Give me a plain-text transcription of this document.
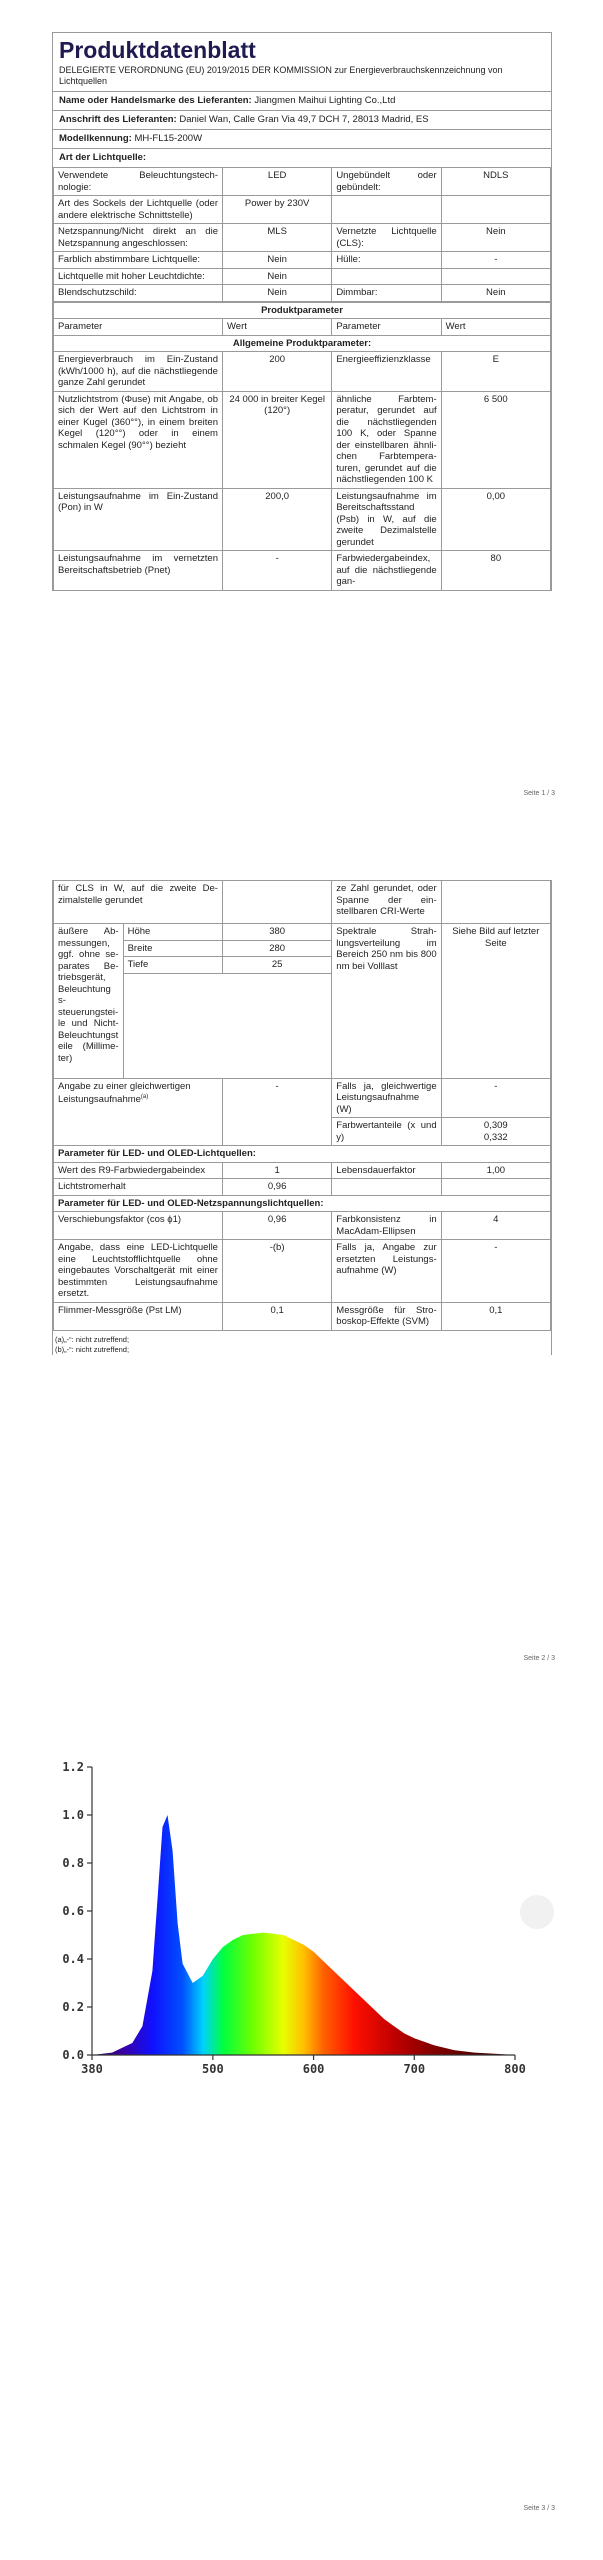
Produktdatenblatt
DELEGIERTE VERORDNUNG (EU) 2019/2015 DER KOMMISSION zur Energieverbrauchskennzeichnung von Lichtquellen
Name oder Handelsmarke des Lieferanten: Jiangmen Maihui Lighting Co.,Ltd
Anschrift des Lieferanten: Daniel Wan, Calle Gran Via 49,7 DCH 7, 28013 Madrid, ES
Modellkennung: MH-FL15-200W
Art der Lichtquelle:
Verwendete Beleuchtungstechnologie:	LED	Ungebündelt oder gebündelt:	NDLS
Art des Sockels der Lichtquelle (oder andere elektrische Schnittstelle)	Power by 230V		
Netzspannung/Nicht direkt an die Netzspannung angeschlossen:	MLS	Vernetzte Lichtquelle (CLS):	Nein
Farblich abstimmbare Lichtquelle:	Nein	Hülle:	-
Lichtquelle mit hoher Leuchtdichte:	Nein		
Blendschutzschild:	Nein	Dimmbar:	Nein
Produktparameter			
Parameter	Wert	Parameter	Wert
Allgemeine Produktparameter:			
Energieverbrauch im Ein-Zustand (kWh/1000 h), auf die nächstliegende ganze Zahl gerundet	200	Energieeffizienzklasse	E
Nutzlichtstrom (Φuse) mit Angabe, ob sich der Wert auf den Lichtstrom in einer Kugel (360°°), in einem breiten Kegel (120°°) oder in einem schmalen Kegel (90°°) bezieht	24 000 in breiter Kegel (120°)	ähnliche Farbtemperatur, gerundet auf die nächstliegenden 100 K, oder Spanne der einstellbaren ähnlichen Farbtemperaturen, gerundet auf die nächstliegenden 100 K	6 500
Leistungsaufnahme im Ein-Zustand (Pon) in W	200,0	Leistungsaufnahme im Bereitschaftsstand (Psb) in W, auf die zweite Dezimalstelle gerundet	0,00
Leistungsaufnahme im vernetzten Bereitschaftsbetrieb (Pnet)	-	Farbwiedergabeindex, auf die nächstliegende gan-	80
Seite 1 / 3
für CLS in W, auf die zweite Dezimalstelle gerundet			ze Zahl gerundet, oder Spanne der einstellbaren CRI-Werte	
äußere Abmessungen, ggf. ohne separates Betriebsgerät, Beleuchtungssteuerungsteile und Nicht-Beleuchtungsteile (Millimeter)	Höhe	380	Spektrale Strahlungsverteilung im Bereich 250 nm bis 800 nm bei Volllast	Siehe Bild auf letzter Seite
	Breite	280		
	Tiefe	25		

Angabe zu einer gleichwertigen Leistungsaufnahme$^{(a)}$		-	Falls ja, gleichwertige Leistungsaufnahme (W)	-
			Farbwertanteile (x und y)	0,309
0,332

Parameter für LED- und OLED-Lichtquellen:				
Wert des R9-Farbwiedergabeindex		1	Lebensdauerfaktor	1,00
Lichtstromerhalt		0,96		
Parameter für LED- und OLED-Netzspannungslichtquellen:				
Verschiebungsfaktor (cos ϕ1)		0,96	Farbkonsistenz in MacAdam-Ellipsen	4
Angabe, dass eine LED-Lichtquelle eine Leuchtstofflichtquelle ohne eingebautes Vorschaltgerät mit einer bestimmten Leistungsaufnahme ersetzt.		-(b)	Falls ja, Angabe zur ersetzten Leistungsaufnahme (W)	-
Flimmer-Messgröße (Pst LM)		0,1	Messgröße für Stroboskop-Effekte (SVM)	0,1
(a)„-“: nicht zutreffend;
(b)„-“: nicht zutreffend;
Seite 2 / 3
0.0
0.2
0.4
0.6
0.8
1.0
1.2
380	500	600	700	800
Seite 3 / 3
